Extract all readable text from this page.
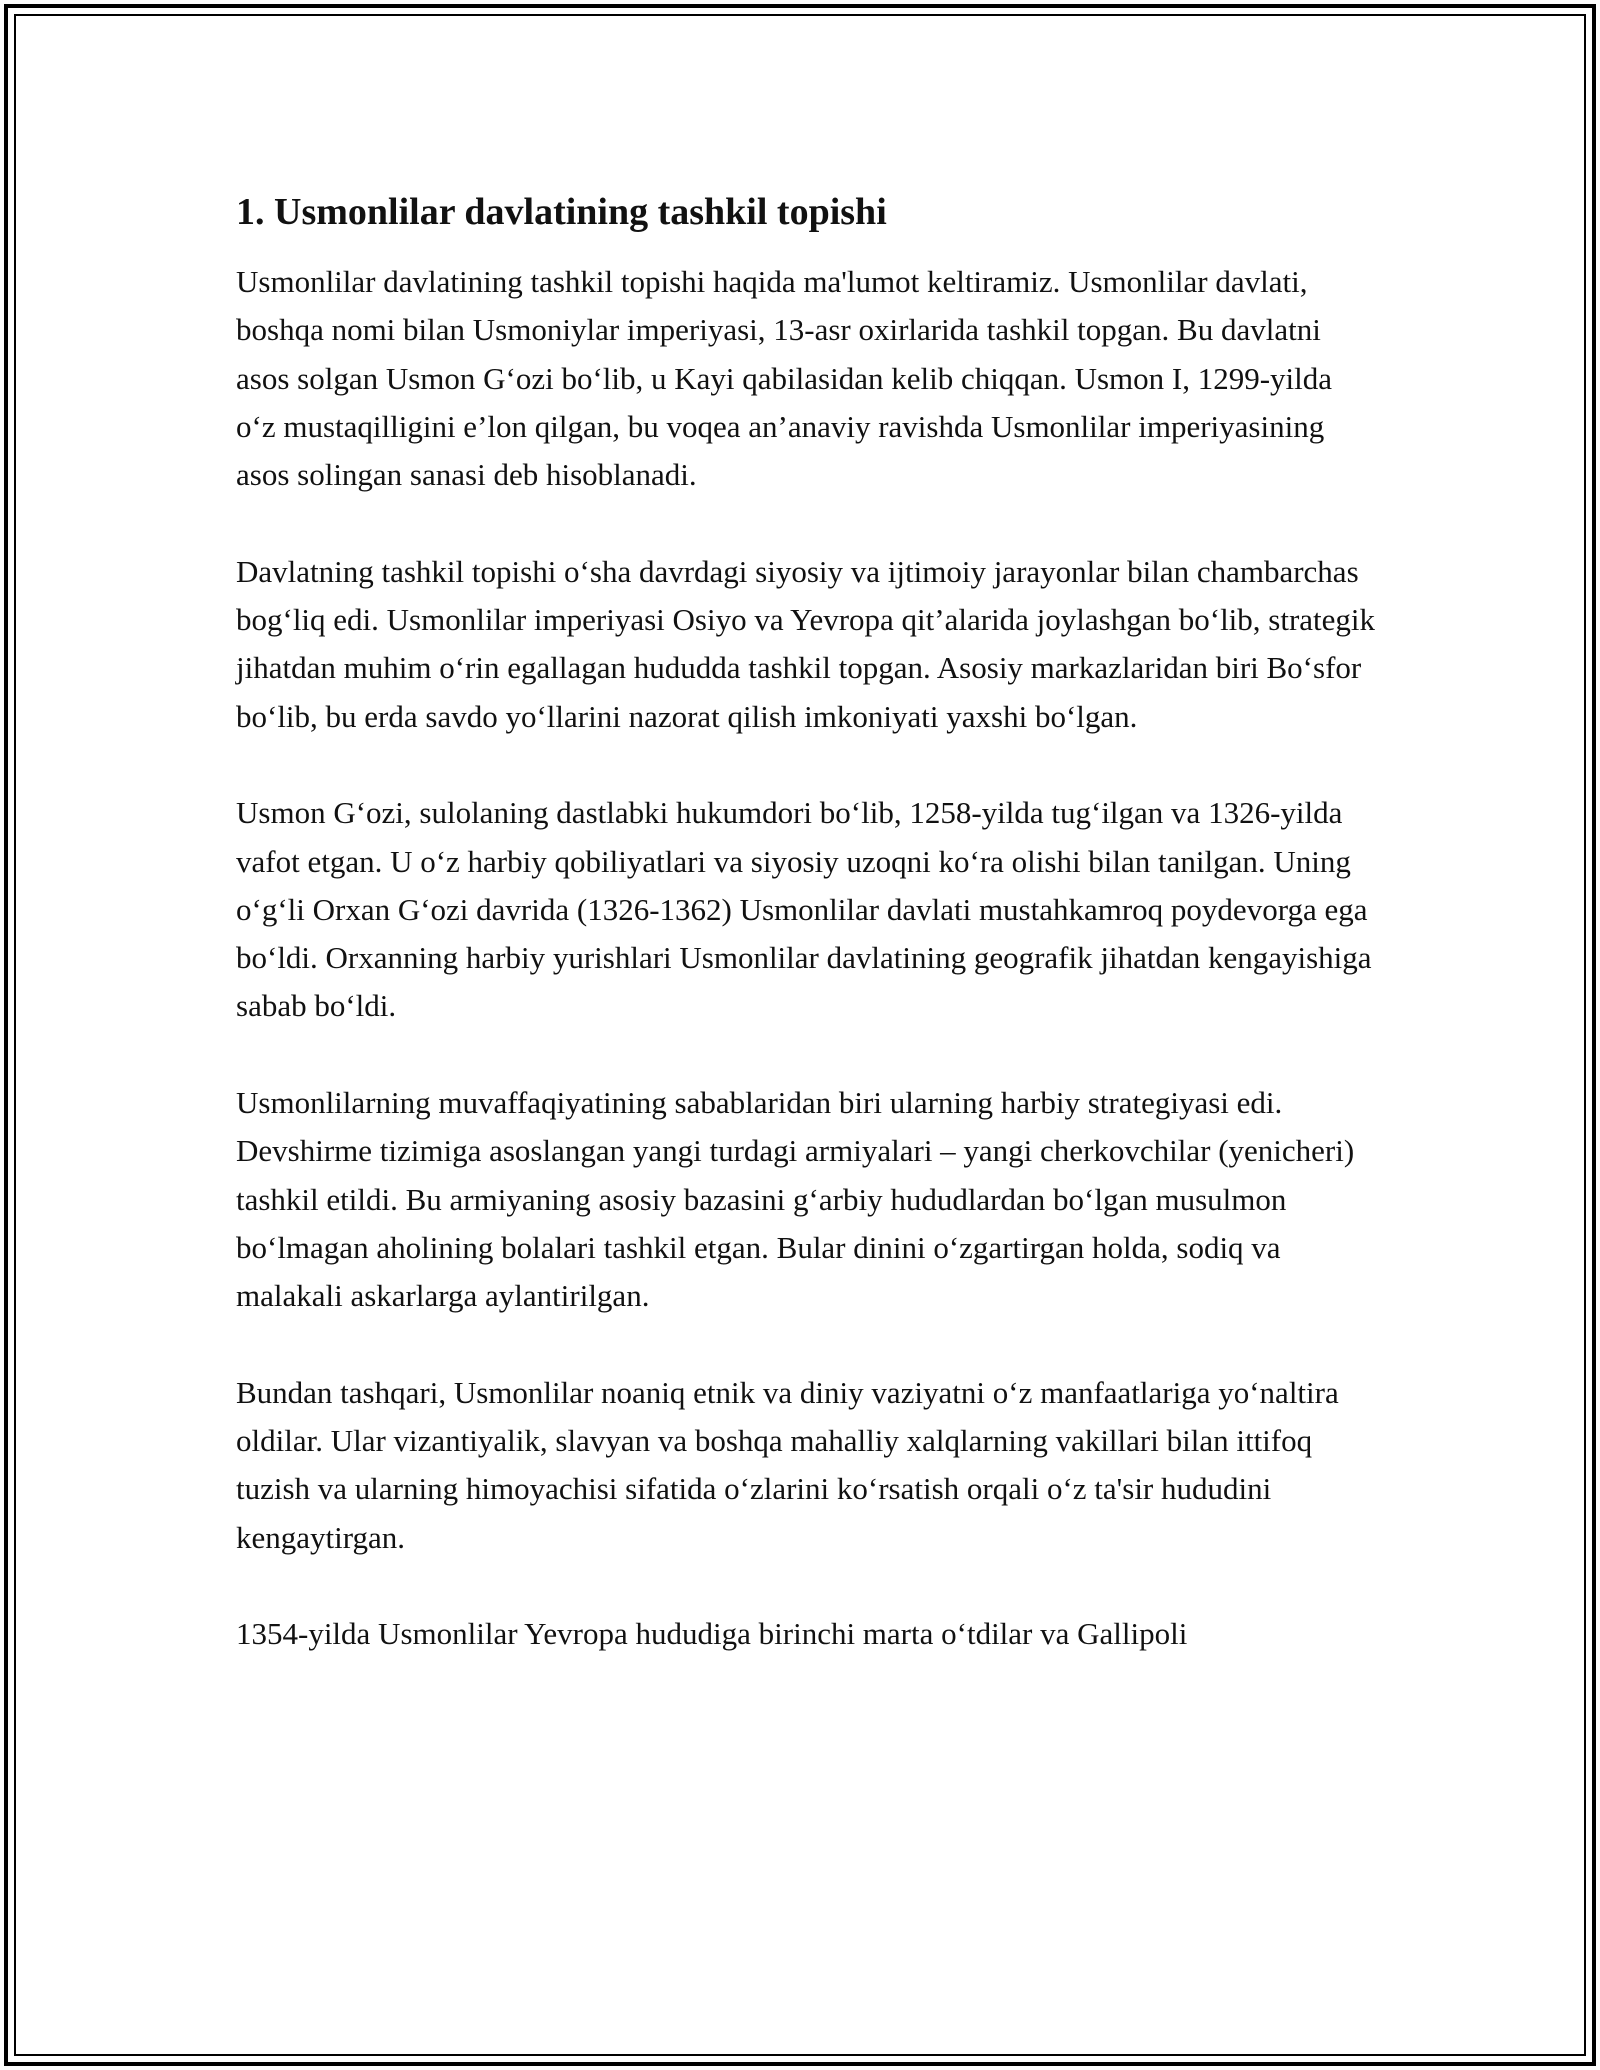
1. Usmonlilar davlatining tashkil topishi

Usmonlilar davlatining tashkil topishi haqida ma'lumot keltiramiz. Usmonlilar davlati, boshqa nomi bilan Usmoniylar imperiyasi, 13-asr oxirlarida tashkil topgan. Bu davlatni asos solgan Usmon G‘ozi bo‘lib, u Kayi qabilasidan kelib chiqqan. Usmon I, 1299-yilda o‘z mustaqilligini e’lon qilgan, bu voqea an’anaviy ravishda Usmonlilar imperiyasining asos solingan sanasi deb hisoblanadi.

Davlatning tashkil topishi o‘sha davrdagi siyosiy va ijtimoiy jarayonlar bilan chambarchas bog‘liq edi. Usmonlilar imperiyasi Osiyo va Yevropa qit’alarida joylashgan bo‘lib, strategik jihatdan muhim o‘rin egallagan hududda tashkil topgan. Asosiy markazlaridan biri Bo‘sfor bo‘lib, bu erda savdo yo‘llarini nazorat qilish imkoniyati yaxshi bo‘lgan.

Usmon G‘ozi, sulolaning dastlabki hukumdori bo‘lib, 1258-yilda tug‘ilgan va 1326-yilda vafot etgan. U o‘z harbiy qobiliyatlari va siyosiy uzoqni ko‘ra olishi bilan tanilgan. Uning o‘g‘li Orxan G‘ozi davrida (1326-1362) Usmonlilar davlati mustahkamroq poydevorga ega bo‘ldi. Orxanning harbiy yurishlari Usmonlilar davlatining geografik jihatdan kengayishiga sabab bo‘ldi.

Usmonlilarning muvaffaqiyatining sabablaridan biri ularning harbiy strategiyasi edi. Devshirme tizimiga asoslangan yangi turdagi armiyalari – yangi cherkovchilar (yenicheri) tashkil etildi. Bu armiyaning asosiy bazasini g‘arbiy hududlardan bo‘lgan musulmon bo‘lmagan aholining bolalari tashkil etgan. Bular dinini o‘zgartirgan holda, sodiq va malakali askarlarga aylantirilgan.

Bundan tashqari, Usmonlilar noaniq etnik va diniy vaziyatni o‘z manfaatlariga yo‘naltira oldilar. Ular vizantiyalik, slavyan va boshqa mahalliy xalqlarning vakillari bilan ittifoq tuzish va ularning himoyachisi sifatida o‘zlarini ko‘rsatish orqali o‘z ta'sir hududini kengaytirgan.

1354-yilda Usmonlilar Yevropa hududiga birinchi marta o‘tdilar va Gallipoli
